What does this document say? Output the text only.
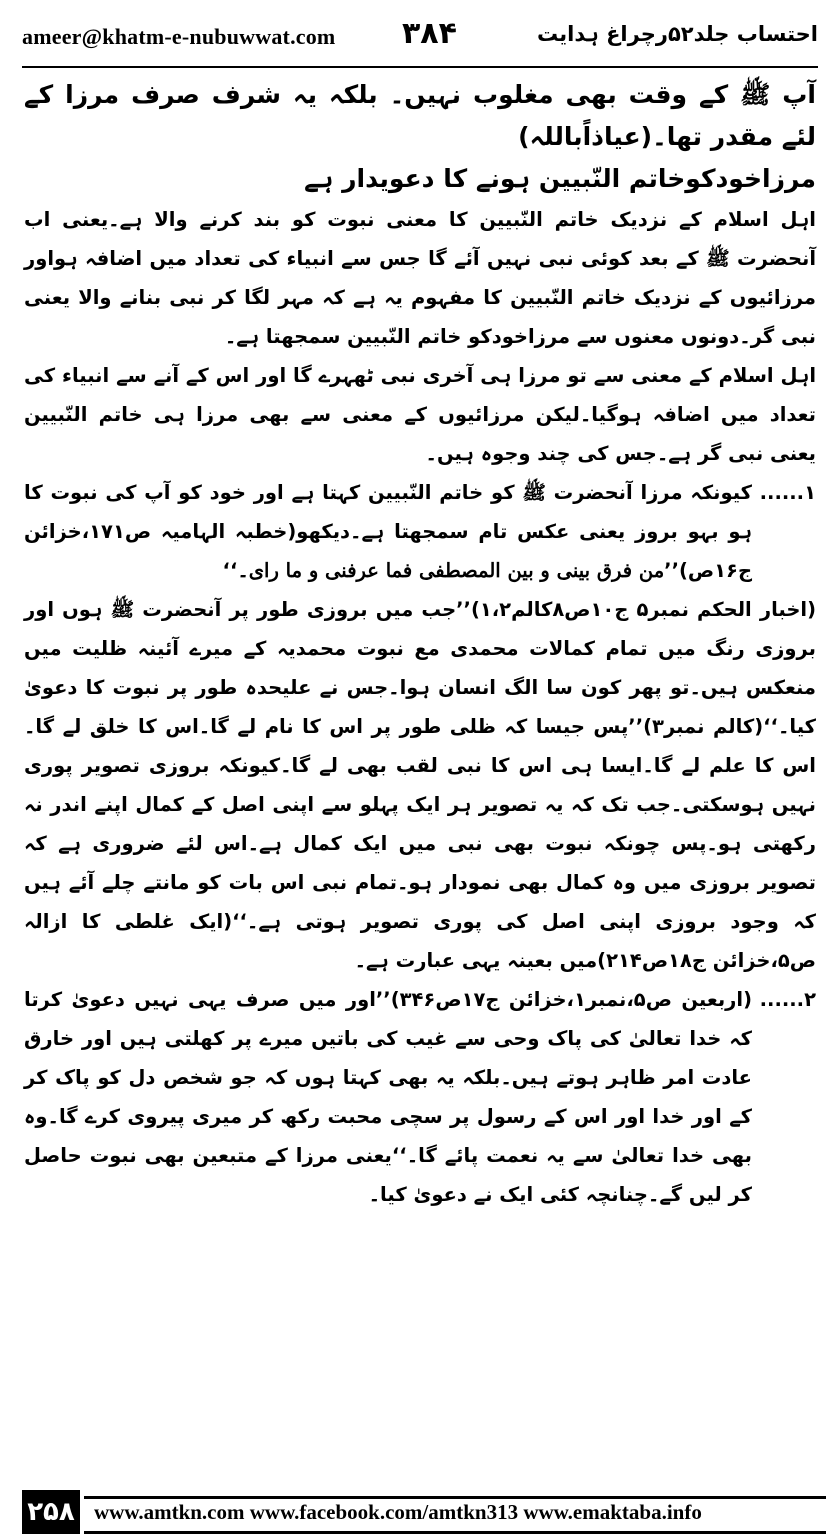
ameer@khatm-e-nubuwwat.com ۳۸۴	احتساب جلد۵۲رچراغ ہدایت

آپ ﷺ کے وقت بھی مغلوب نہیں۔ بلکہ یہ شرف صرف مرزا کے لئے مقدر تھا۔(عیاذاًباللہ)

مرزاخودکوخاتم النّبیین ہونے کا دعویدار ہے

اہل اسلام کے نزدیک خاتم النّبیین کا معنی نبوت کو بند کرنے والا ہے۔یعنی اب آنحضرت ﷺ کے بعد کوئی نبی نہیں آئے گا جس سے انبیاء کی تعداد میں اضافہ ہواور مرزائیوں کے نزدیک خاتم النّبیین کا مفہوم یہ ہے کہ مہر لگا کر نبی بنانے والا یعنی نبی گر۔دونوں معنوں سے مرزاخودکو خاتم النّبیین سمجھتا ہے۔

اہل اسلام کے معنی سے تو مرزا ہی آخری نبی ٹھہرے گا اور اس کے آنے سے انبیاء کی تعداد میں اضافہ ہوگیا۔لیکن مرزائیوں کے معنی سے بھی مرزا ہی خاتم النّبیین یعنی نبی گر ہے۔جس کی چند وجوہ ہیں۔

۱......
کیونکہ مرزا آنحضرت ﷺ کو خاتم النّبیین کہتا ہے اور خود کو آپ کی نبوت کا ہو بہو بروز یعنی عکس تام سمجھتا ہے۔دیکھو(خطبہ الہامیہ ص۱۷۱،خزائن ج۱۶ص)’’من فرق بینی و بین المصطفی فما عرفنی و ما رای۔‘‘

(اخبار الحکم نمبر۵ ج۱۰ص۸کالم۱،۲)’’جب میں بروزی طور پر آنحضرت ﷺ ہوں اور بروزی رنگ میں تمام کمالات محمدی مع نبوت محمدیہ کے میرے آئینہ ظلیت میں منعکس ہیں۔تو پھر کون سا الگ انسان ہوا۔جس نے علیحدہ طور پر نبوت کا دعویٰ کیا۔‘‘(کالم نمبر۳)’’پس جیسا کہ ظلی طور پر اس کا نام لے گا۔اس کا خلق لے گا۔اس کا علم لے گا۔ایسا ہی اس کا نبی لقب بھی لے گا۔کیونکہ بروزی تصویر پوری نہیں ہوسکتی۔جب تک کہ یہ تصویر ہر ایک پہلو سے اپنی اصل کے کمال اپنے اندر نہ رکھتی ہو۔پس چونکہ نبوت بھی نبی میں ایک کمال ہے۔اس لئے ضروری ہے کہ تصویر بروزی میں وہ کمال بھی نمودار ہو۔تمام نبی اس بات کو مانتے چلے آئے ہیں کہ وجود بروزی اپنی اصل کی پوری تصویر ہوتی ہے۔‘‘(ایک غلطی کا ازالہ ص۵،خزائن ج۱۸ص۲۱۴)میں بعینہ یہی عبارت ہے۔

۲......
(اربعین ص۵،نمبر۱،خزائن ج۱۷ص۳۴۶)’’اور میں صرف یہی نہیں دعویٰ کرتا کہ خدا تعالیٰ کی پاک وحی سے غیب کی باتیں میرے پر کھلتی ہیں اور خارق عادت امر ظاہر ہوتے ہیں۔بلکہ یہ بھی کہتا ہوں کہ جو شخص دل کو پاک کر کے اور خدا اور اس کے رسول پر سچی محبت رکھ کر میری پیروی کرے گا۔وہ بھی خدا تعالیٰ سے یہ نعمت پائے گا۔‘‘یعنی مرزا کے متبعین بھی نبوت حاصل کر لیں گے۔چنانچہ کئی ایک نے دعویٰ کیا۔
۲۵۸ www.amtkn.com www.facebook.com/amtkn313 www.emaktaba.info
